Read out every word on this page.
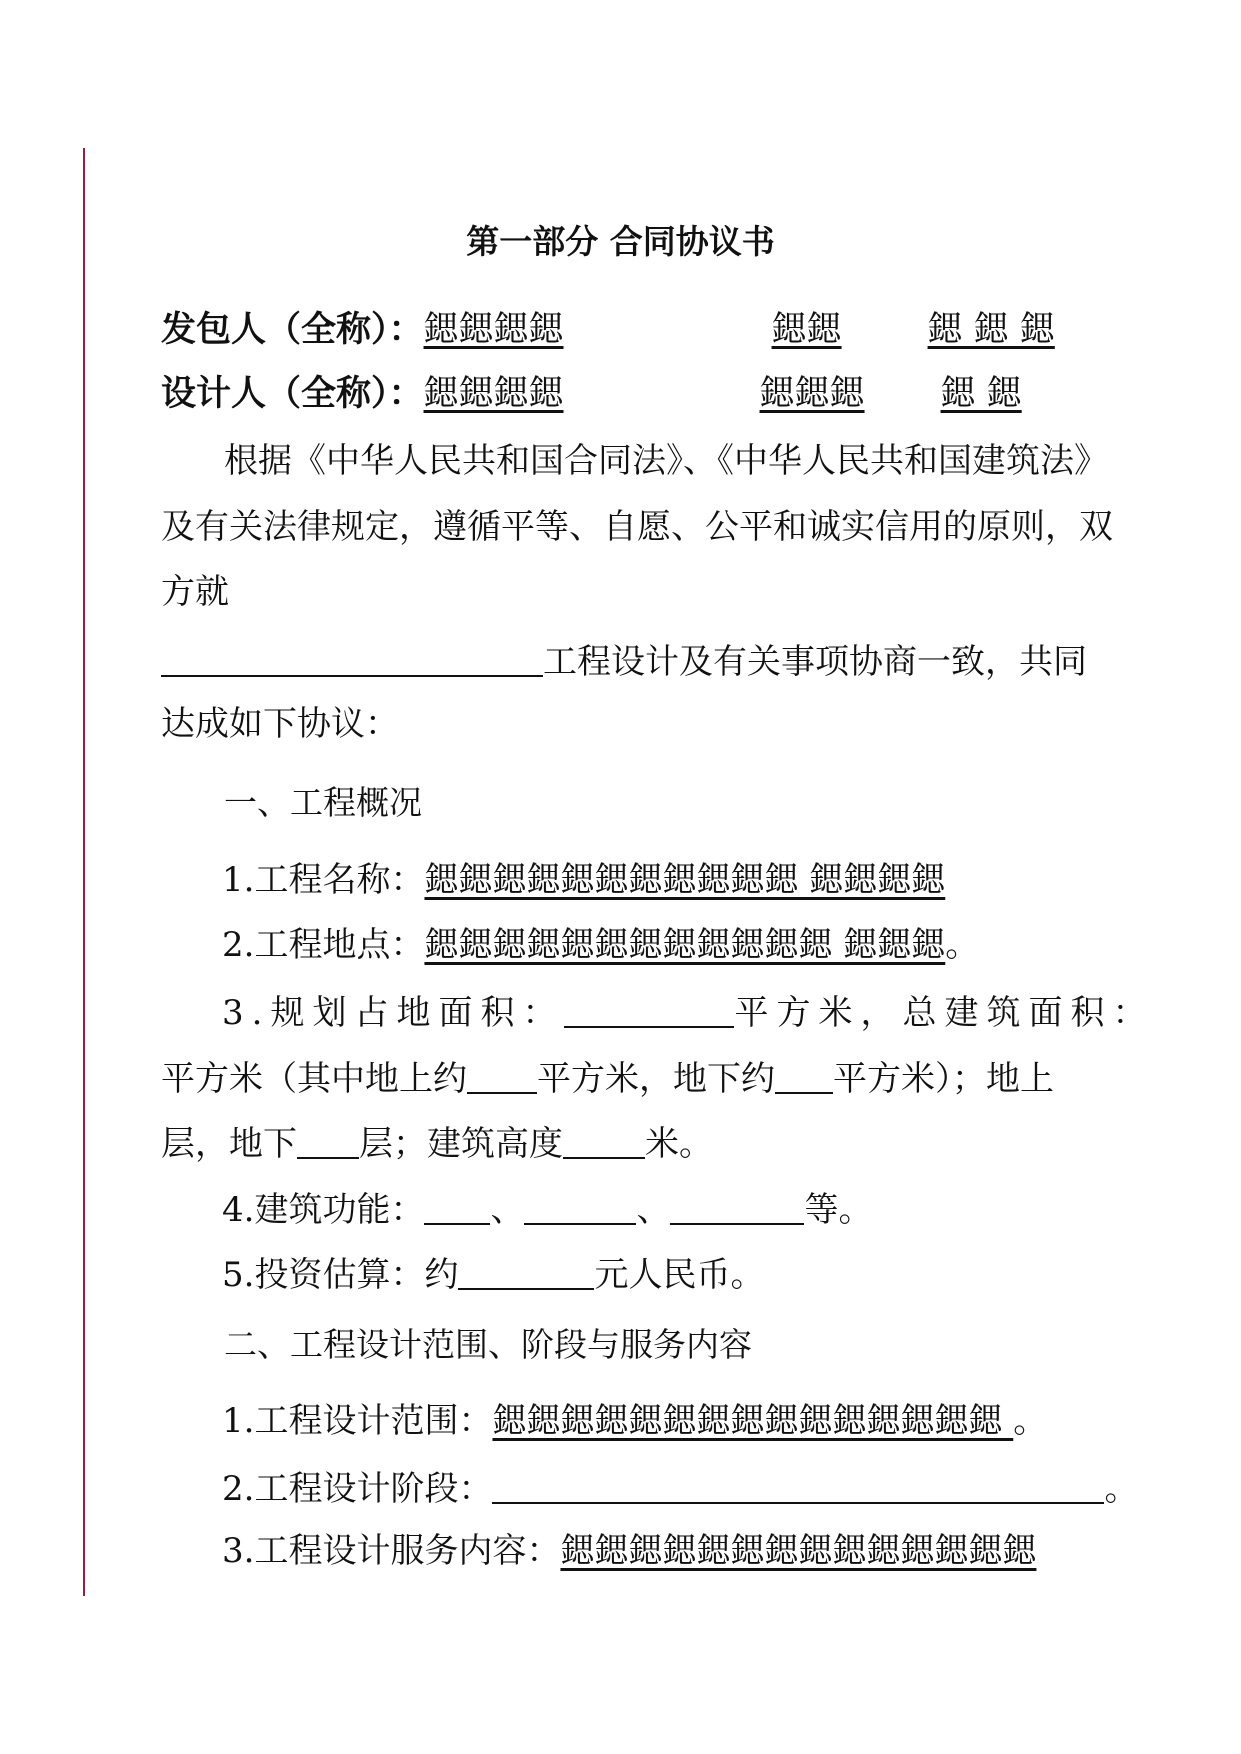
第一部分 合同协议书
发包人（全称）：鍶鍶鍶鍶	鍶鍶 鍶 鍶 鍶
设计人（全称）：鍶鍶鍶鍶	鍶鍶鍶 鍶 鍶
根据《中华人民共和国合同法》、《中华人民共和国建筑法》
及有关法律规定，遵循平等、自愿、公平和诚实信用的原则，双
方就
工程设计及有关事项协商一致，共同
达成如下协议：
一、工程概况
1.工程名称：鍶鍶鍶鍶鍶鍶鍶鍶鍶鍶鍶 鍶鍶鍶鍶
2.工程地点：鍶鍶鍶鍶鍶鍶鍶鍶鍶鍶鍶鍶 鍶鍶鍶。
3.规划占地面积：	平方米，总建筑面积：
平方米（其中地上约 平方米，地下约 平方米）；地上
层，地下 层；建筑高度 米。
4.建筑功能： 、	、	等。
5.投资估算：约	元人民币。
二、工程设计范围、阶段与服务内容
1.工程设计范围：鍶鍶鍶鍶鍶鍶鍶鍶鍶鍶鍶鍶鍶鍶鍶 。
2.工程设计阶段：	。
3.工程设计服务内容：鍶鍶鍶鍶鍶鍶鍶鍶鍶鍶鍶鍶鍶鍶
